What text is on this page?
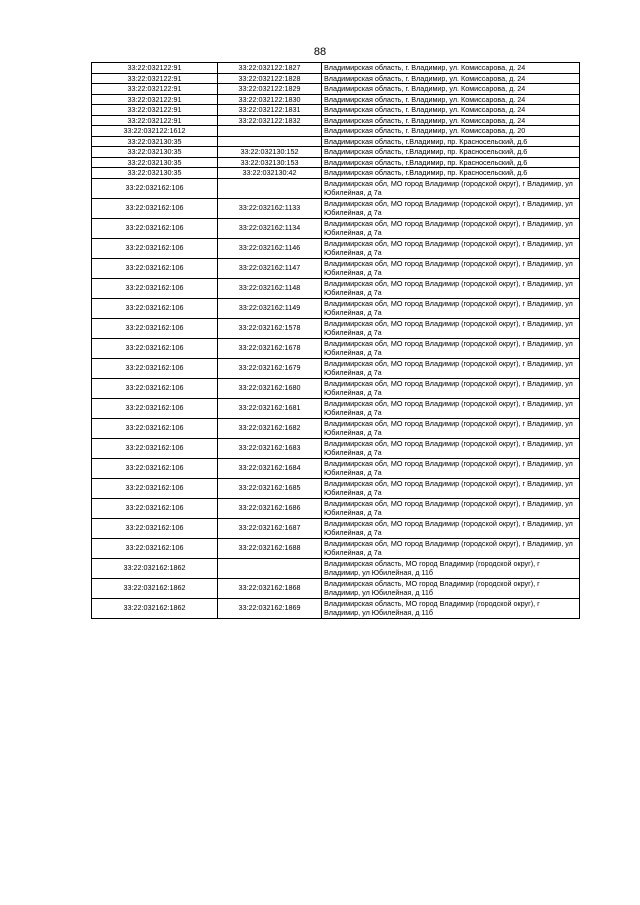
88
33:22:032122:91	33:22:032122:1827	Владимирская область, г. Владимир, ул. Комиссарова, д. 24
33:22:032122:91	33:22:032122:1828	Владимирская область, г. Владимир, ул. Комиссарова, д. 24
33:22:032122:91	33:22:032122:1829	Владимирская область, г. Владимир, ул. Комиссарова, д. 24
33:22:032122:91	33:22:032122:1830	Владимирская область, г. Владимир, ул. Комиссарова, д. 24
33:22:032122:91	33:22:032122:1831	Владимирская область, г. Владимир, ул. Комиссарова, д. 24
33:22:032122:91	33:22:032122:1832	Владимирская область, г. Владимир, ул. Комиссарова, д. 24
33:22:032122:1612		Владимирская область, г. Владимир, ул. Комиссарова, д. 20
33:22:032130:35		Владимирская область, г.Владимир, пр. Красносельский, д.6
33:22:032130:35	33:22:032130:152	Владимирская область, г.Владимир, пр. Красносельский, д.6
33:22:032130:35	33:22:032130:153	Владимирская область, г.Владимир, пр. Красносельский, д.6
33:22:032130:35	33:22:032130:42	Владимирская область, г.Владимир, пр. Красносельский, д.6
33:22:032162:106		Владимирская обл, МО город Владимир (городской округ), г Владимир, ул Юбилейная, д 7а
33:22:032162:106	33:22:032162:1133	Владимирская обл, МО город Владимир (городской округ), г Владимир, ул Юбилейная, д 7а
33:22:032162:106	33:22:032162:1134	Владимирская обл, МО город Владимир (городской округ), г Владимир, ул Юбилейная, д 7а
33:22:032162:106	33:22:032162:1146	Владимирская обл, МО город Владимир (городской округ), г Владимир, ул Юбилейная, д 7а
33:22:032162:106	33:22:032162:1147	Владимирская обл, МО город Владимир (городской округ), г Владимир, ул Юбилейная, д 7а
33:22:032162:106	33:22:032162:1148	Владимирская обл, МО город Владимир (городской округ), г Владимир, ул Юбилейная, д 7а
33:22:032162:106	33:22:032162:1149	Владимирская обл, МО город Владимир (городской округ), г Владимир, ул Юбилейная, д 7а
33:22:032162:106	33:22:032162:1578	Владимирская обл, МО город Владимир (городской округ), г Владимир, ул Юбилейная, д 7а
33:22:032162:106	33:22:032162:1678	Владимирская обл, МО город Владимир (городской округ), г Владимир, ул Юбилейная, д 7а
33:22:032162:106	33:22:032162:1679	Владимирская обл, МО город Владимир (городской округ), г Владимир, ул Юбилейная, д 7а
33:22:032162:106	33:22:032162:1680	Владимирская обл, МО город Владимир (городской округ), г Владимир, ул Юбилейная, д 7а
33:22:032162:106	33:22:032162:1681	Владимирская обл, МО город Владимир (городской округ), г Владимир, ул Юбилейная, д 7а
33:22:032162:106	33:22:032162:1682	Владимирская обл, МО город Владимир (городской округ), г Владимир, ул Юбилейная, д 7а
33:22:032162:106	33:22:032162:1683	Владимирская обл, МО город Владимир (городской округ), г Владимир, ул Юбилейная, д 7а
33:22:032162:106	33:22:032162:1684	Владимирская обл, МО город Владимир (городской округ), г Владимир, ул Юбилейная, д 7а
33:22:032162:106	33:22:032162:1685	Владимирская обл, МО город Владимир (городской округ), г Владимир, ул Юбилейная, д 7а
33:22:032162:106	33:22:032162:1686	Владимирская обл, МО город Владимир (городской округ), г Владимир, ул Юбилейная, д 7а
33:22:032162:106	33:22:032162:1687	Владимирская обл, МО город Владимир (городской округ), г Владимир, ул Юбилейная, д 7а
33:22:032162:106	33:22:032162:1688	Владимирская обл, МО город Владимир (городской округ), г Владимир, ул Юбилейная, д 7а
33:22:032162:1862		Владимирская область, МО город Владимир (городской округ), г Владимир, ул Юбилейная, д 11б
33:22:032162:1862	33:22:032162:1868	Владимирская область, МО город Владимир (городской округ), г Владимир, ул Юбилейная, д 11б
33:22:032162:1862	33:22:032162:1869	Владимирская область, МО город Владимир (городской округ), г Владимир, ул Юбилейная, д 11б
